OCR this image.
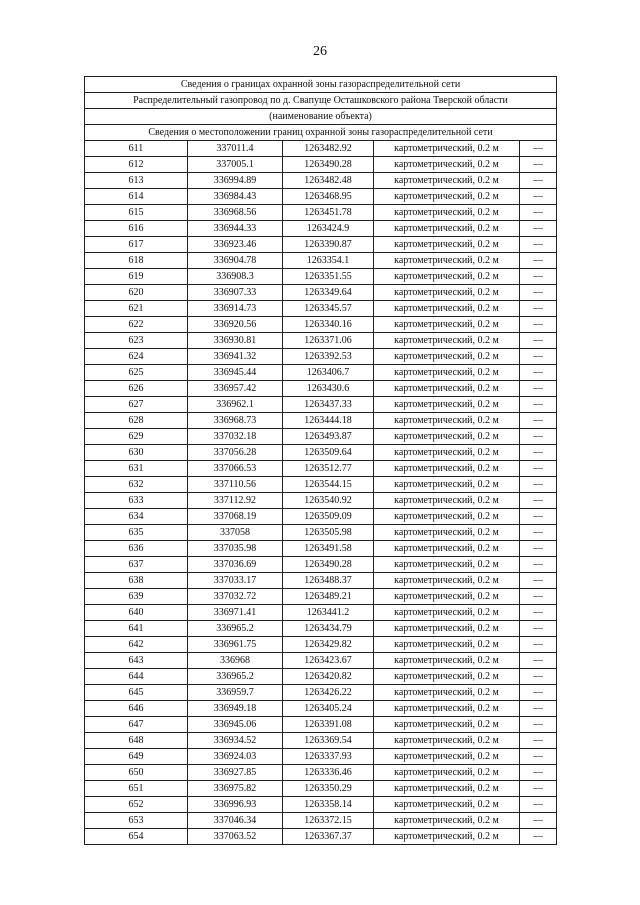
26
Сведения о границах охранной зоны газораспределительной сети				
Распределительный газопровод по д. Свапуще Осташковского района Тверской области				
(наименование объекта)				
Сведения о местоположении границ охранной зоны газораспределительной сети				
611	337011.4	1263482.92	картометрический, 0.2 м	—
612	337005.1	1263490.28	картометрический, 0.2 м	—
613	336994.89	1263482.48	картометрический, 0.2 м	—
614	336984.43	1263468.95	картометрический, 0.2 м	—
615	336968.56	1263451.78	картометрический, 0.2 м	—
616	336944.33	1263424.9	картометрический, 0.2 м	—
617	336923.46	1263390.87	картометрический, 0.2 м	—
618	336904.78	1263354.1	картометрический, 0.2 м	—
619	336908.3	1263351.55	картометрический, 0.2 м	—
620	336907.33	1263349.64	картометрический, 0.2 м	—
621	336914.73	1263345.57	картометрический, 0.2 м	—
622	336920.56	1263340.16	картометрический, 0.2 м	—
623	336930.81	1263371.06	картометрический, 0.2 м	—
624	336941.32	1263392.53	картометрический, 0.2 м	—
625	336945.44	1263406.7	картометрический, 0.2 м	—
626	336957.42	1263430.6	картометрический, 0.2 м	—
627	336962.1	1263437.33	картометрический, 0.2 м	—
628	336968.73	1263444.18	картометрический, 0.2 м	—
629	337032.18	1263493.87	картометрический, 0.2 м	—
630	337056.28	1263509.64	картометрический, 0.2 м	—
631	337066.53	1263512.77	картометрический, 0.2 м	—
632	337110.56	1263544.15	картометрический, 0.2 м	—
633	337112.92	1263540.92	картометрический, 0.2 м	—
634	337068.19	1263509.09	картометрический, 0.2 м	—
635	337058	1263505.98	картометрический, 0.2 м	—
636	337035.98	1263491.58	картометрический, 0.2 м	—
637	337036.69	1263490.28	картометрический, 0.2 м	—
638	337033.17	1263488.37	картометрический, 0.2 м	—
639	337032.72	1263489.21	картометрический, 0.2 м	—
640	336971.41	1263441.2	картометрический, 0.2 м	—
641	336965.2	1263434.79	картометрический, 0.2 м	—
642	336961.75	1263429.82	картометрический, 0.2 м	—
643	336968	1263423.67	картометрический, 0.2 м	—
644	336965.2	1263420.82	картометрический, 0.2 м	—
645	336959.7	1263426.22	картометрический, 0.2 м	—
646	336949.18	1263405.24	картометрический, 0.2 м	—
647	336945.06	1263391.08	картометрический, 0.2 м	—
648	336934.52	1263369.54	картометрический, 0.2 м	—
649	336924.03	1263337.93	картометрический, 0.2 м	—
650	336927.85	1263336.46	картометрический, 0.2 м	—
651	336975.82	1263350.29	картометрический, 0.2 м	—
652	336996.93	1263358.14	картометрический, 0.2 м	—
653	337046.34	1263372.15	картометрический, 0.2 м	—
654	337063.52	1263367.37	картометрический, 0.2 м	—
